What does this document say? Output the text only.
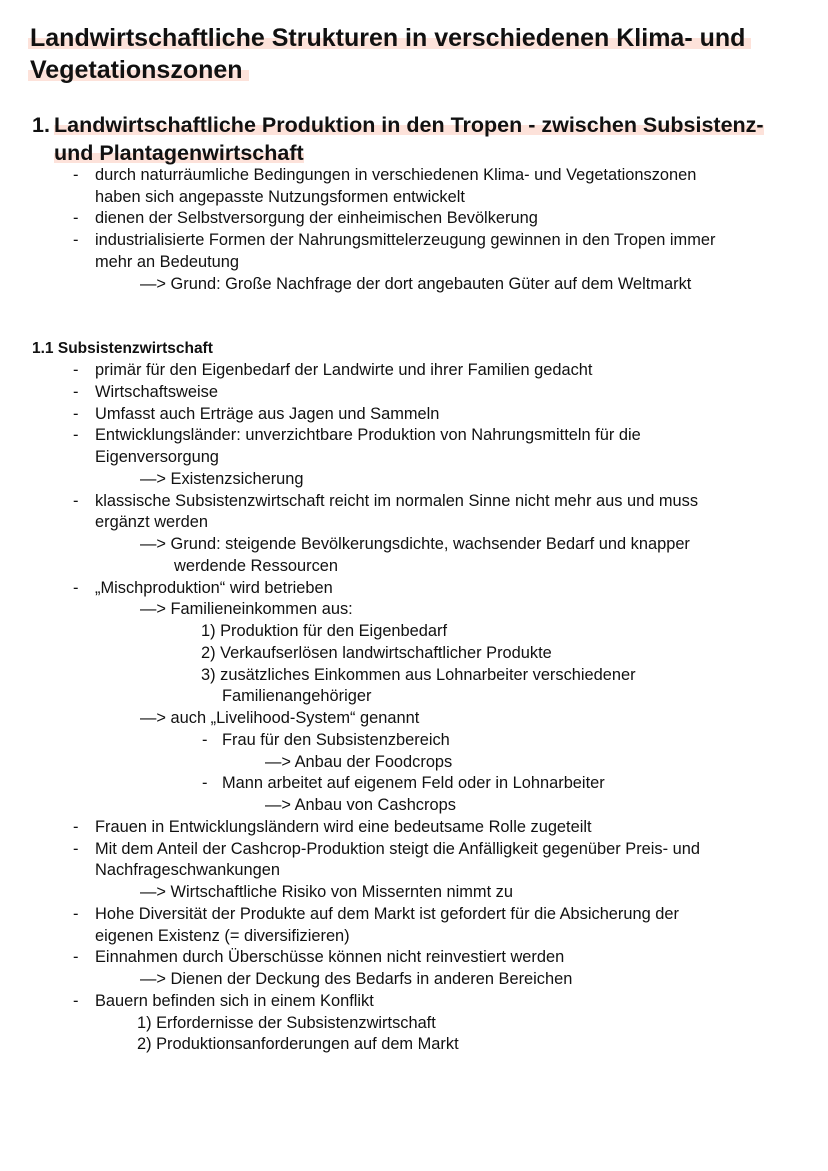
Landwirtschaftliche Strukturen in verschiedenen Klima- und
Vegetationszonen
1. Landwirtschaftliche Produktion in den Tropen - zwischen Subsistenz-
und Plantagenwirtschaft
- durch naturräumliche Bedingungen in verschiedenen Klima- und Vegetationszonen
haben sich angepasste Nutzungsformen entwickelt
- dienen der Selbstversorgung der einheimischen Bevölkerung
- industrialisierte Formen der Nahrungsmittelerzeugung gewinnen in den Tropen immer
mehr an Bedeutung
—> Grund: Große Nachfrage der dort angebauten Güter auf dem Weltmarkt
1.1 Subsistenzwirtschaft
- primär für den Eigenbedarf der Landwirte und ihrer Familien gedacht
- Wirtschaftsweise
- Umfasst auch Erträge aus Jagen und Sammeln
- Entwicklungsländer: unverzichtbare Produktion von Nahrungsmitteln für die
Eigenversorgung
—> Existenzsicherung
- klassische Subsistenzwirtschaft reicht im normalen Sinne nicht mehr aus und muss
ergänzt werden
—> Grund: steigende Bevölkerungsdichte, wachsender Bedarf und knapper
werdende Ressourcen
- „Mischproduktion“ wird betrieben
—> Familieneinkommen aus:
1) Produktion für den Eigenbedarf
2) Verkaufserlösen landwirtschaftlicher Produkte
3) zusätzliches Einkommen aus Lohnarbeiter verschiedener
Familienangehöriger
—> auch „Livelihood-System“ genannt
- Frau für den Subsistenzbereich
—> Anbau der Foodcrops
- Mann arbeitet auf eigenem Feld oder in Lohnarbeiter
—> Anbau von Cashcrops
- Frauen in Entwicklungsländern wird eine bedeutsame Rolle zugeteilt
- Mit dem Anteil der Cashcrop-Produktion steigt die Anfälligkeit gegenüber Preis- und
Nachfrageschwankungen
—> Wirtschaftliche Risiko von Missernten nimmt zu
- Hohe Diversität der Produkte auf dem Markt ist gefordert für die Absicherung der
eigenen Existenz (= diversifizieren)
- Einnahmen durch Überschüsse können nicht reinvestiert werden
—> Dienen der Deckung des Bedarfs in anderen Bereichen
- Bauern befinden sich in einem Konflikt
1) Erfordernisse der Subsistenzwirtschaft
2) Produktionsanforderungen auf dem Markt
